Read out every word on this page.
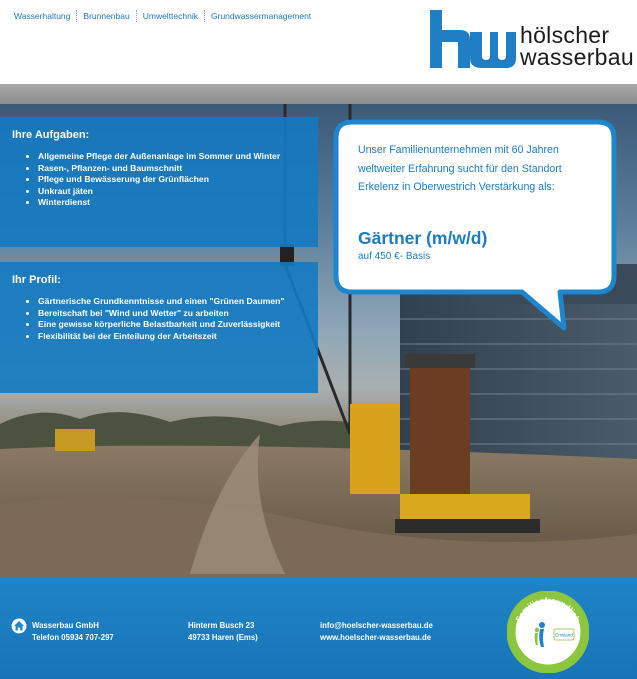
Wasserhaltung	Brunnenbau	Umwelttechnik	Grundwassermanagement
hölscher
wasserbau
Ihre Aufgaben:
• Allgemeine Pflege der Außenanlage im Sommer und Winter
• Rasen-, Pflanzen- und Baumschnitt
• Pflege und Bewässerung der Grünflächen
• Unkraut jäten
• Winterdienst
Ihr Profil:
• Gärtnerische Grundkenntnisse und einen "Grünen Daumen"
• Bereitschaft bei "Wind und Wetter" zu arbeiten
• Eine gewisse körperliche Belastbarkeit und Zuverlässigkeit
• Flexibilität bei der Einteilung der Arbeitszeit
Unser Familienunternehmen mit 60 Jahren weltweiter Erfahrung sucht für den Standort Erkelenz in Oberwestrich Verstärkung als:
Gärtner (m/w/d)
auf 450 €- Basis
Wasserbau GmbH
Telefon 05934 707-297
Hinterm Busch 23
49733 Haren (Ems)
info@hoelscher-wasserbau.de
www.hoelscher-wasserbau.de
Familienfreundlich
zertifiziert
Emsland
